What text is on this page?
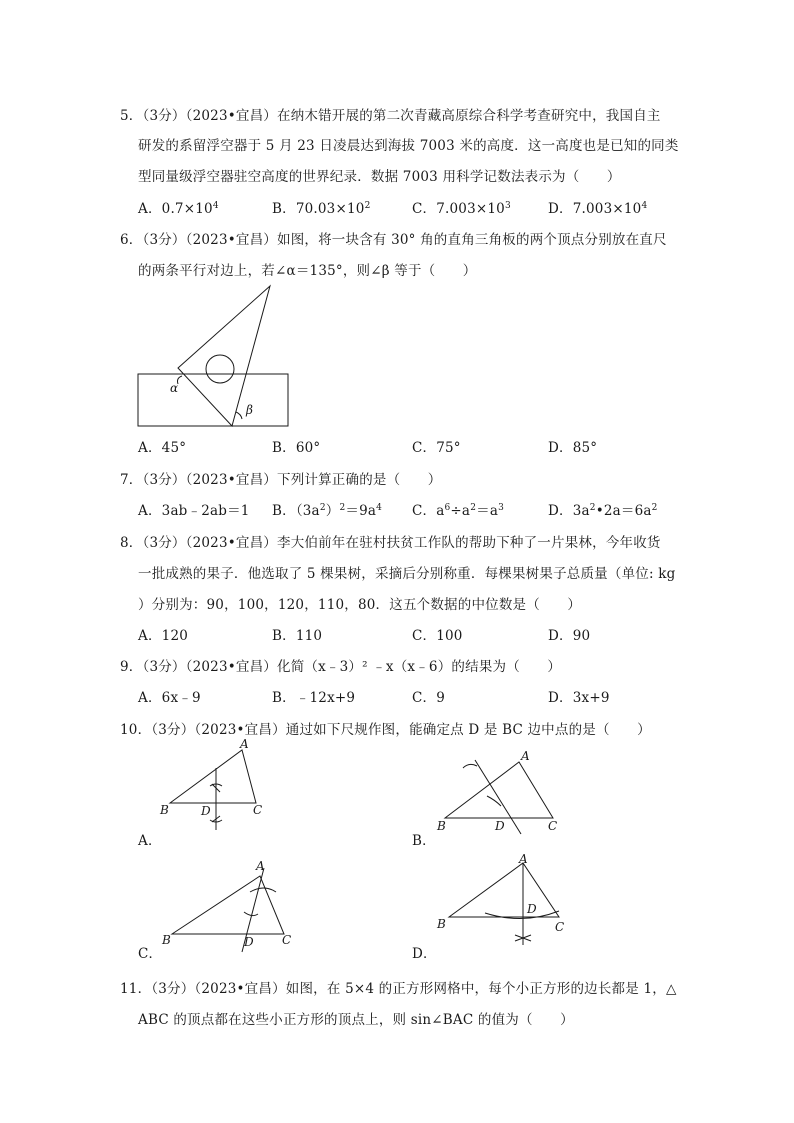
5．（3分）（2023•宜昌）在纳木错开展的第二次青藏高原综合科学考查研究中，我国自主
研发的系留浮空器于 5 月 23 日凌晨达到海拔 7003 米的高度．这一高度也是已知的同类
型同量级浮空器驻空高度的世界纪录．数据 7003 用科学记数法表示为（　　）
A．$0.7\times 10^4$	B．$70.03\times 10^2$	C．$7.003\times 10^3$	D．$7.003\times 10^4$
6．（3分）（2023•宜昌）如图，将一块含有 30° 角的直角三角板的两个顶点分别放在直尺
的两条平行对边上，若∠α＝135°，则∠β 等于（　　）
α
β
A．45°	B．60°	C．75°	D．85°
7．（3分）（2023•宜昌）下列计算正确的是（　　）
A．3ab﹣2ab＝1 B．$(3a^2)^2=9a^4$ C．$a^6\div a^2=a^3$	D．$3a^2•2a=6a^2$
8．（3分）（2023•宜昌）李大伯前年在驻村扶贫工作队的帮助下种了一片果林，今年收货
一批成熟的果子．他选取了 5 棵果树，采摘后分别称重．每棵果树果子总质量（单位: kg
）分别为：90，100，120，110，80．这五个数据的中位数是（　　）
A．120	B．110	C．100	D．90
9．（3分）（2023•宜昌）化简（x﹣3）² ﹣x（x﹣6）的结果为（　　）
A．6x﹣9	B．﹣12x+9	C．9	D．3x+9
10．（3分）（2023•宜昌）通过如下尺规作图，能确定点 D 是 BC 边中点的是（　　）
A
B	C
D
A．
A
B	C
D
B．
A
B	C
D
C．
A
B	C
D
D．
11．（3分）（2023•宜昌）如图，在 5×4 的正方形网格中，每个小正方形的边长都是 1，△
ABC 的顶点都在这些小正方形的顶点上，则 sin∠BAC 的值为（　　）
